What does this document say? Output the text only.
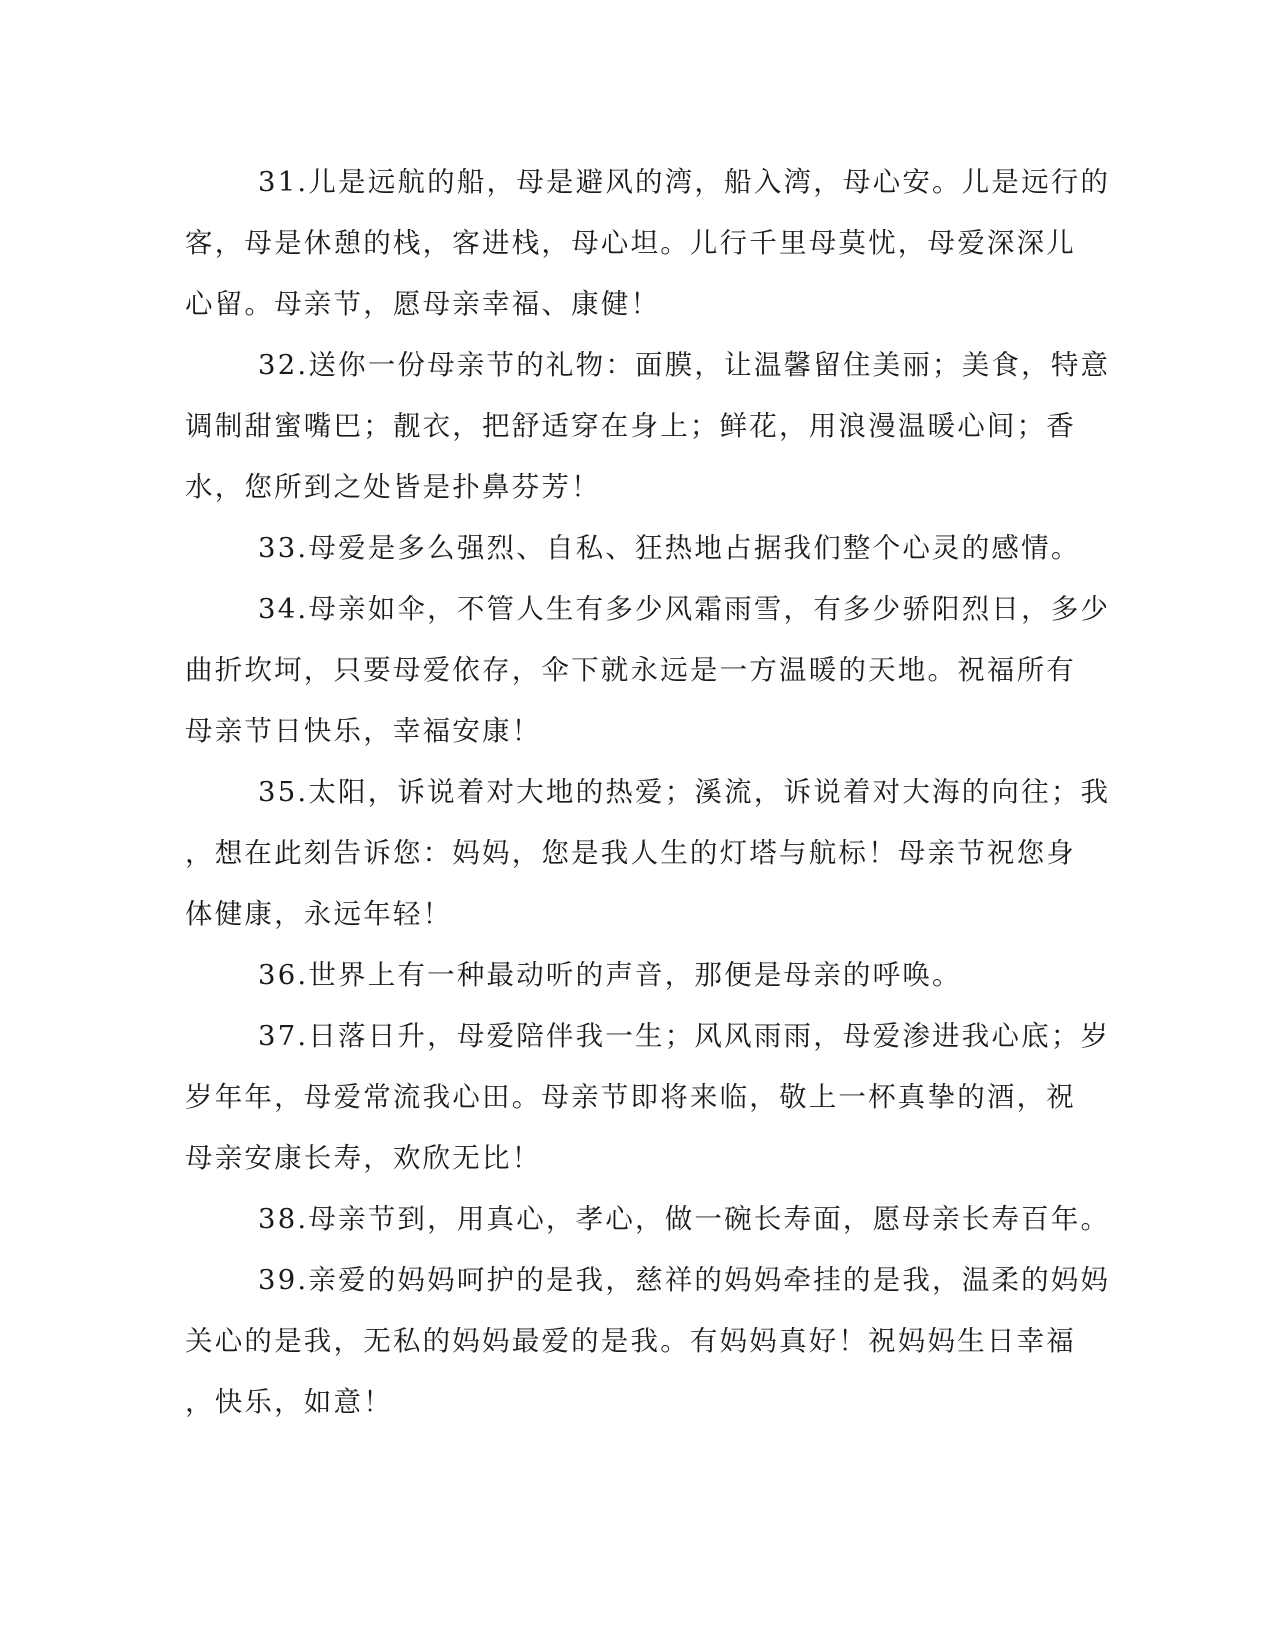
31.儿是远航的船，母是避风的湾，船入湾，母心安。儿是远行的
客，母是休憩的栈，客进栈，母心坦。儿行千里母莫忧，母爱深深儿
心留。母亲节，愿母亲幸福、康健！

32.送你一份母亲节的礼物：面膜，让温馨留住美丽；美食，特意
调制甜蜜嘴巴；靓衣，把舒适穿在身上；鲜花，用浪漫温暖心间；香
水，您所到之处皆是扑鼻芬芳！

33.母爱是多么强烈、自私、狂热地占据我们整个心灵的感情。

34.母亲如伞，不管人生有多少风霜雨雪，有多少骄阳烈日，多少
曲折坎坷，只要母爱依存，伞下就永远是一方温暖的天地。祝福所有
母亲节日快乐，幸福安康！

35.太阳，诉说着对大地的热爱；溪流，诉说着对大海的向往；我
，想在此刻告诉您：妈妈，您是我人生的灯塔与航标！母亲节祝您身
体健康，永远年轻！

36.世界上有一种最动听的声音，那便是母亲的呼唤。

37.日落日升，母爱陪伴我一生；风风雨雨，母爱渗进我心底；岁
岁年年，母爱常流我心田。母亲节即将来临，敬上一杯真挚的酒，祝
母亲安康长寿，欢欣无比！

38.母亲节到，用真心，孝心，做一碗长寿面，愿母亲长寿百年。

39.亲爱的妈妈呵护的是我，慈祥的妈妈牵挂的是我，温柔的妈妈
关心的是我，无私的妈妈最爱的是我。有妈妈真好！祝妈妈生日幸福
，快乐，如意！
